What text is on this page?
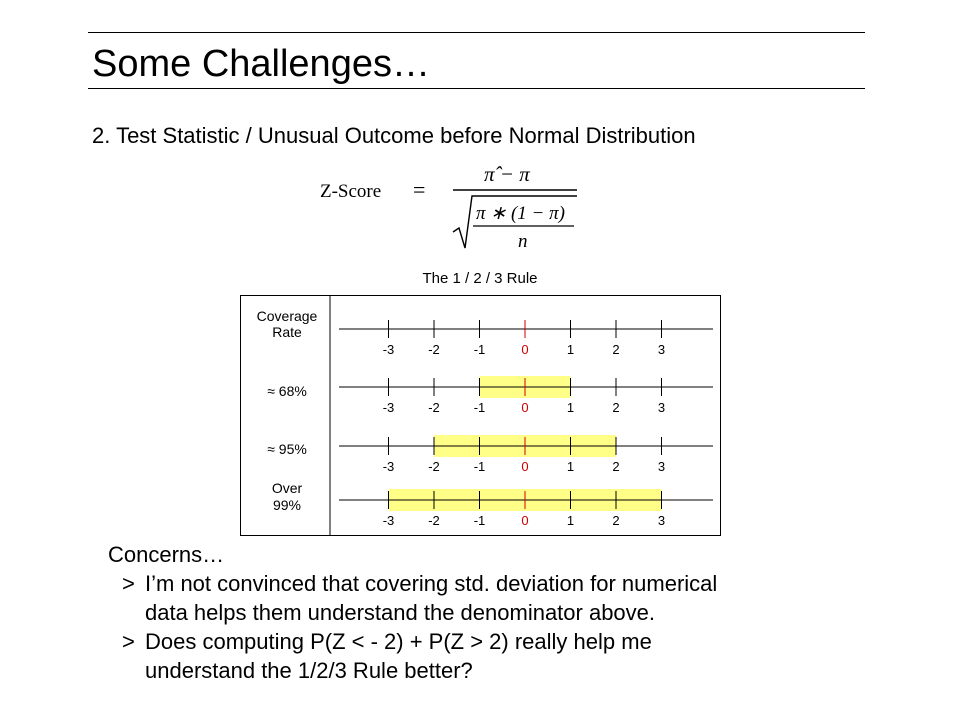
Some Challenges…
2. Test Statistic / Unusual Outcome before Normal Distribution
Z-Score =
π̂ − π
π ∗ (1 − π)
n
The 1 / 2 / 3 Rule
-3	-2	-1	0	1	2	3
Coverage
Rate
-3	-2	-1	0	1	2	3
≈ 68%
-3	-2	-1	0	1	2	3
≈ 95%
-3	-2	-1	0	1	2	3
Over
99%
Concerns…
> I’m not convinced that covering std. deviation for numerical
data helps them understand the denominator above.
> Does computing P(Z < - 2) + P(Z > 2) really help me
understand the 1/2/3 Rule better?
